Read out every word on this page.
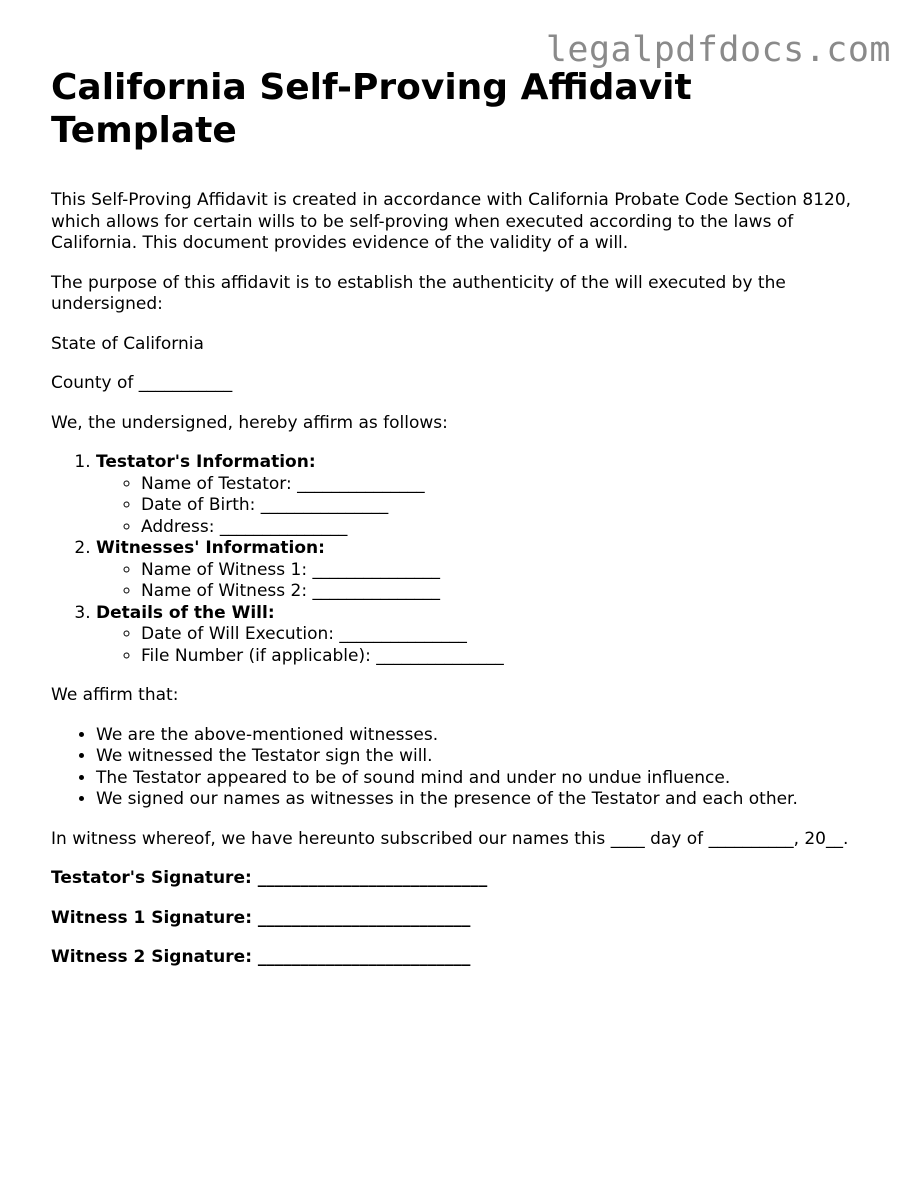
legalpdfdocs.com
California Self-Proving Affidavit Template

This Self-Proving Affidavit is created in accordance with California Probate Code Section 8120, which allows for certain wills to be self-proving when executed according to the laws of California. This document provides evidence of the validity of a will.

The purpose of this affidavit is to establish the authenticity of the will executed by the undersigned:

State of California

County of ___________

We, the undersigned, hereby affirm as follows:

1. Testator's Information:
◦ Name of Testator: _______________
◦ Date of Birth: _______________
◦ Address: _______________
2. Witnesses' Information:
◦ Name of Witness 1: _______________
◦ Name of Witness 2: _______________
3. Details of the Will:
◦ Date of Will Execution: _______________
◦ File Number (if applicable): _______________

We affirm that:

• We are the above-mentioned witnesses.
• We witnessed the Testator sign the will.
• The Testator appeared to be of sound mind and under no undue influence.
• We signed our names as witnesses in the presence of the Testator and each other.

In witness whereof, we have hereunto subscribed our names this ____ day of __________, 20__.

Testator's Signature: ___________________________

Witness 1 Signature: _________________________

Witness 2 Signature: _________________________
